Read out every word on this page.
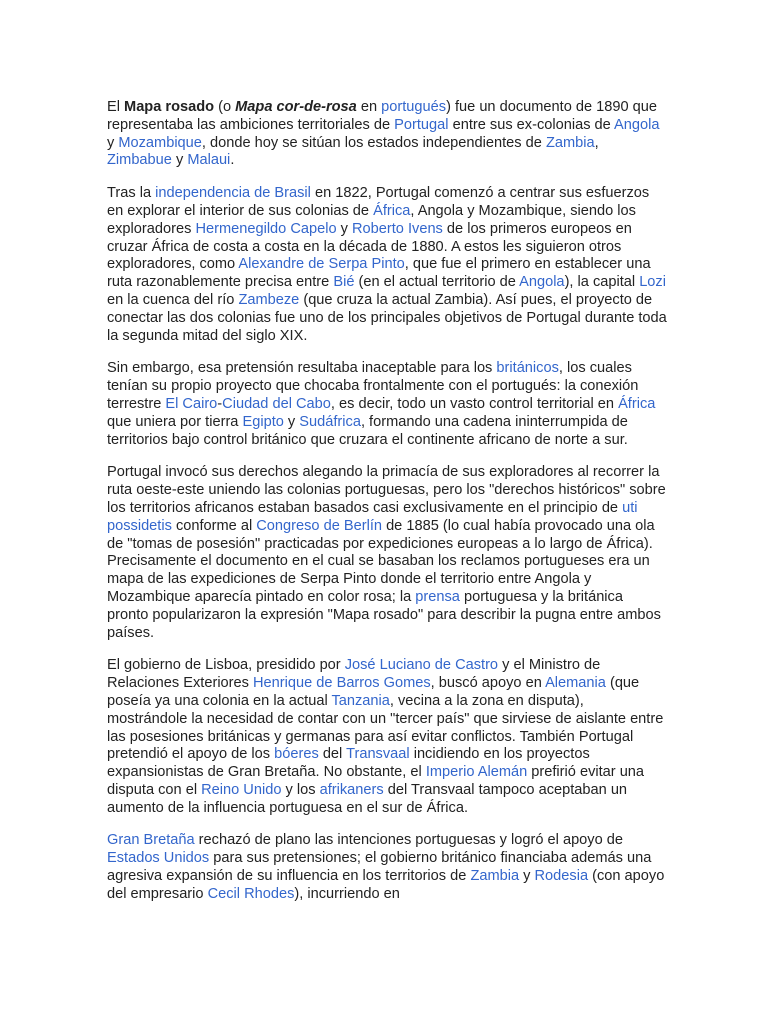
El Mapa rosado (o Mapa cor-de-rosa en portugués) fue un documento de 1890 que representaba las ambiciones territoriales de Portugal entre sus ex-colonias de Angola y Mozambique, donde hoy se sitúan los estados independientes de Zambia, Zimbabue y Malaui.

Tras la independencia de Brasil en 1822, Portugal comenzó a centrar sus esfuerzos en explorar el interior de sus colonias de África, Angola y Mozambique, siendo los exploradores Hermenegildo Capelo y Roberto Ivens de los primeros europeos en cruzar África de costa a costa en la década de 1880. A estos les siguieron otros exploradores, como Alexandre de Serpa Pinto, que fue el primero en establecer una ruta razonablemente precisa entre Bié (en el actual territorio de Angola), la capital Lozi en la cuenca del río Zambeze (que cruza la actual Zambia). Así pues, el proyecto de conectar las dos colonias fue uno de los principales objetivos de Portugal durante toda la segunda mitad del siglo XIX.

Sin embargo, esa pretensión resultaba inaceptable para los británicos, los cuales tenían su propio proyecto que chocaba frontalmente con el portugués: la conexión terrestre El Cairo-Ciudad del Cabo, es decir, todo un vasto control territorial en África que uniera por tierra Egipto y Sudáfrica, formando una cadena ininterrumpida de territorios bajo control británico que cruzara el continente africano de norte a sur.

Portugal invocó sus derechos alegando la primacía de sus exploradores al recorrer la ruta oeste-este uniendo las colonias portuguesas, pero los "derechos históricos" sobre los territorios africanos estaban basados casi exclusivamente en el principio de uti possidetis conforme al Congreso de Berlín de 1885 (lo cual había provocado una ola de "tomas de posesión" practicadas por expediciones europeas a lo largo de África). Precisamente el documento en el cual se basaban los reclamos portugueses era un mapa de las expediciones de Serpa Pinto donde el territorio entre Angola y Mozambique aparecía pintado en color rosa; la prensa portuguesa y la británica pronto popularizaron la expresión "Mapa rosado" para describir la pugna entre ambos países.

El gobierno de Lisboa, presidido por José Luciano de Castro y el Ministro de Relaciones Exteriores Henrique de Barros Gomes, buscó apoyo en Alemania (que poseía ya una colonia en la actual Tanzania, vecina a la zona en disputa), mostrándole la necesidad de contar con un "tercer país" que sirviese de aislante entre las posesiones británicas y germanas para así evitar conflictos. También Portugal pretendió el apoyo de los bóeres del Transvaal incidiendo en los proyectos expansionistas de Gran Bretaña. No obstante, el Imperio Alemán prefirió evitar una disputa con el Reino Unido y los afrikaners del Transvaal tampoco aceptaban un aumento de la influencia portuguesa en el sur de África.

Gran Bretaña rechazó de plano las intenciones portuguesas y logró el apoyo de Estados Unidos para sus pretensiones; el gobierno británico financiaba además una agresiva expansión de su influencia en los territorios de Zambia y Rodesia (con apoyo del empresario Cecil Rhodes), incurriendo en
